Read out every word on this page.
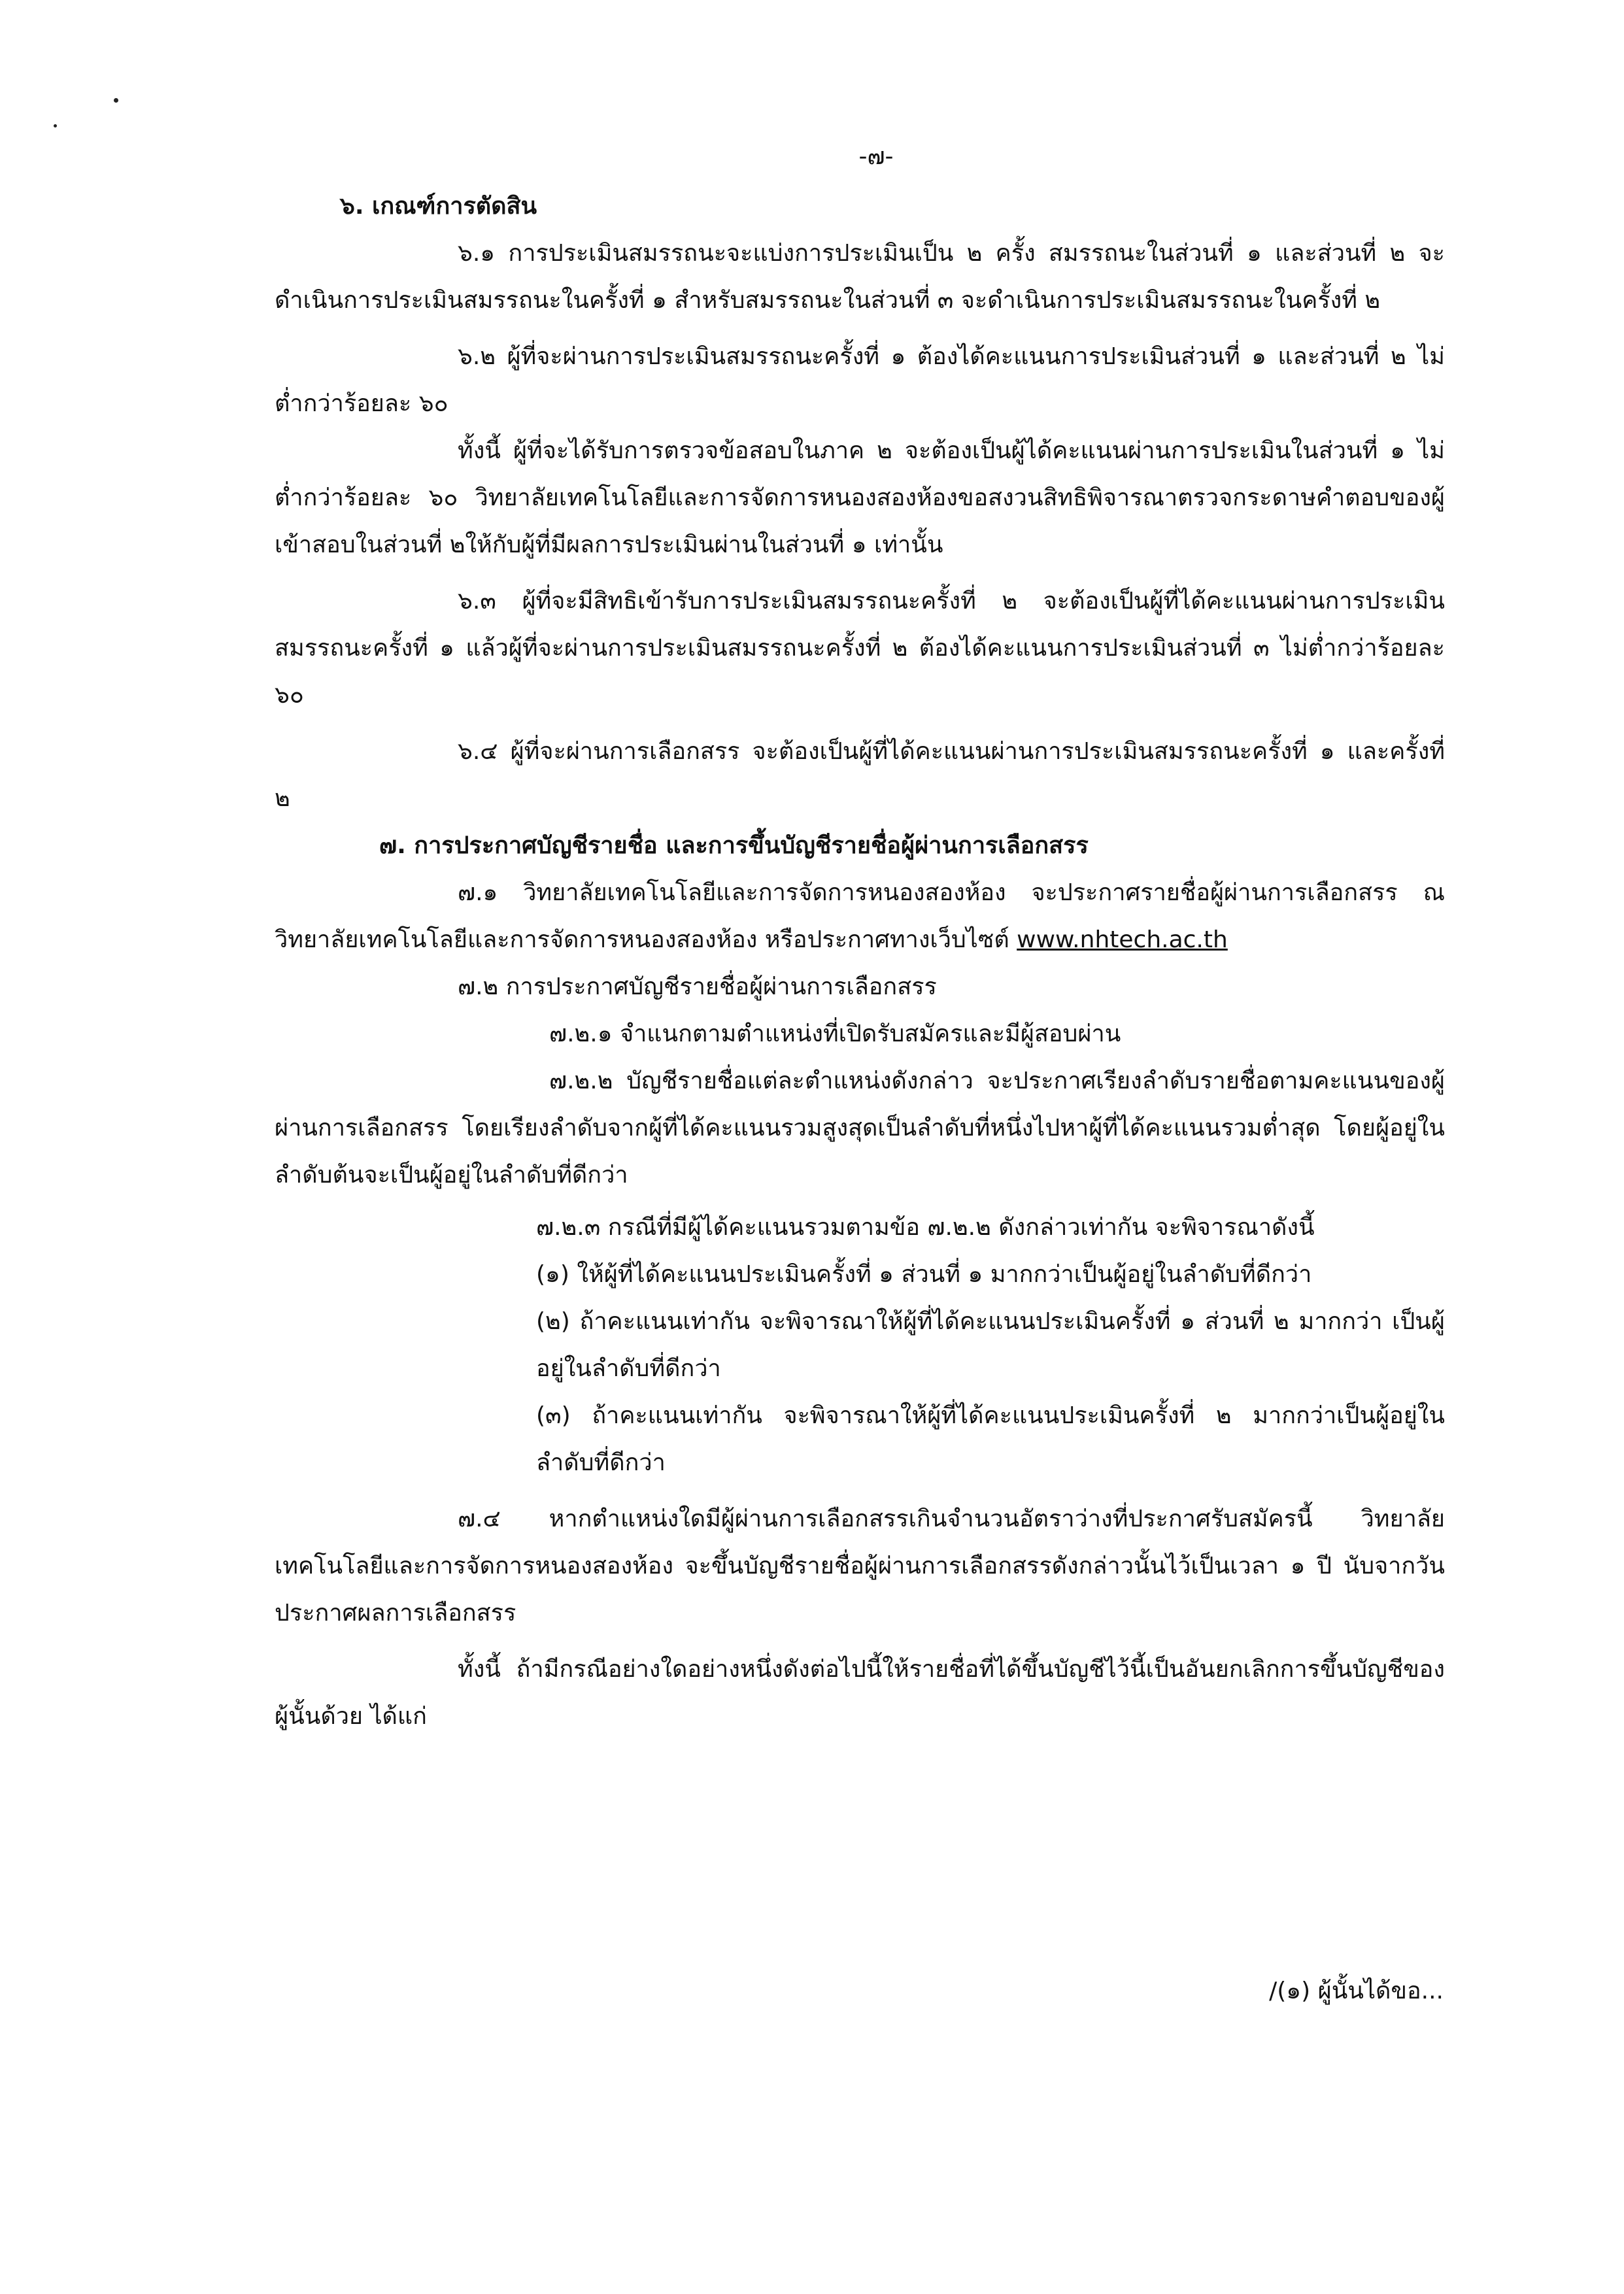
-๗-

๖. เกณฑ์การตัดสิน

๖.๑ การประเมินสมรรถนะจะแบ่งการประเมินเป็น ๒ ครั้ง สมรรถนะในส่วนที่ ๑ และส่วนที่ ๒ จะดำเนินการประเมินสมรรถนะในครั้งที่ ๑ สำหรับสมรรถนะในส่วนที่ ๓ จะดำเนินการประเมินสมรรถนะในครั้งที่ ๒

๖.๒ ผู้ที่จะผ่านการประเมินสมรรถนะครั้งที่ ๑ ต้องได้คะแนนการประเมินส่วนที่ ๑ และส่วนที่ ๒ ไม่ต่ำกว่าร้อยละ ๖๐

ทั้งนี้ ผู้ที่จะได้รับการตรวจข้อสอบในภาค ๒ จะต้องเป็นผู้ได้คะแนนผ่านการประเมินในส่วนที่ ๑ ไม่ต่ำกว่าร้อยละ ๖๐ วิทยาลัยเทคโนโลยีและการจัดการหนองสองห้องขอสงวนสิทธิพิจารณาตรวจกระดาษคำตอบของผู้เข้าสอบในส่วนที่ ๒ให้กับผู้ที่มีผลการประเมินผ่านในส่วนที่ ๑ เท่านั้น

๖.๓ ผู้ที่จะมีสิทธิเข้ารับการประเมินสมรรถนะครั้งที่ ๒ จะต้องเป็นผู้ที่ได้คะแนนผ่านการประเมินสมรรถนะครั้งที่ ๑ แล้วผู้ที่จะผ่านการประเมินสมรรถนะครั้งที่ ๒ ต้องได้คะแนนการประเมินส่วนที่ ๓ ไม่ต่ำกว่าร้อยละ ๖๐

๖.๔ ผู้ที่จะผ่านการเลือกสรร จะต้องเป็นผู้ที่ได้คะแนนผ่านการประเมินสมรรถนะครั้งที่ ๑ และครั้งที่ ๒

๗. การประกาศบัญชีรายชื่อ และการขึ้นบัญชีรายชื่อผู้ผ่านการเลือกสรร

๗.๑ วิทยาลัยเทคโนโลยีและการจัดการหนองสองห้อง จะประกาศรายชื่อผู้ผ่านการเลือกสรร ณ วิทยาลัยเทคโนโลยีและการจัดการหนองสองห้อง หรือประกาศทางเว็บไซต์ www.nhtech.ac.th

๗.๒ การประกาศบัญชีรายชื่อผู้ผ่านการเลือกสรร

๗.๒.๑ จำแนกตามตำแหน่งที่เปิดรับสมัครและมีผู้สอบผ่าน

๗.๒.๒ บัญชีรายชื่อแต่ละตำแหน่งดังกล่าว จะประกาศเรียงลำดับรายชื่อตามคะแนนของผู้ผ่านการเลือกสรร โดยเรียงลำดับจากผู้ที่ได้คะแนนรวมสูงสุดเป็นลำดับที่หนึ่งไปหาผู้ที่ได้คะแนนรวมต่ำสุด โดยผู้อยู่ในลำดับต้นจะเป็นผู้อยู่ในลำดับที่ดีกว่า

๗.๒.๓ กรณีที่มีผู้ได้คะแนนรวมตามข้อ ๗.๒.๒ ดังกล่าวเท่ากัน จะพิจารณาดังนี้

(๑) ให้ผู้ที่ได้คะแนนประเมินครั้งที่ ๑ ส่วนที่ ๑ มากกว่าเป็นผู้อยู่ในลำดับที่ดีกว่า

(๒) ถ้าคะแนนเท่ากัน จะพิจารณาให้ผู้ที่ได้คะแนนประเมินครั้งที่ ๑ ส่วนที่ ๒ มากกว่า เป็นผู้อยู่ในลำดับที่ดีกว่า

(๓) ถ้าคะแนนเท่ากัน จะพิจารณาให้ผู้ที่ได้คะแนนประเมินครั้งที่ ๒ มากกว่าเป็นผู้อยู่ในลำดับที่ดีกว่า

๗.๔ หากตำแหน่งใดมีผู้ผ่านการเลือกสรรเกินจำนวนอัตราว่างที่ประกาศรับสมัครนี้ วิทยาลัยเทคโนโลยีและการจัดการหนองสองห้อง จะขึ้นบัญชีรายชื่อผู้ผ่านการเลือกสรรดังกล่าวนั้นไว้เป็นเวลา ๑ ปี นับจากวันประกาศผลการเลือกสรร

ทั้งนี้ ถ้ามีกรณีอย่างใดอย่างหนึ่งดังต่อไปนี้ให้รายชื่อที่ได้ขึ้นบัญชีไว้นี้เป็นอันยกเลิกการขึ้นบัญชีของผู้นั้นด้วย ได้แก่

/(๑) ผู้นั้นได้ขอ...
